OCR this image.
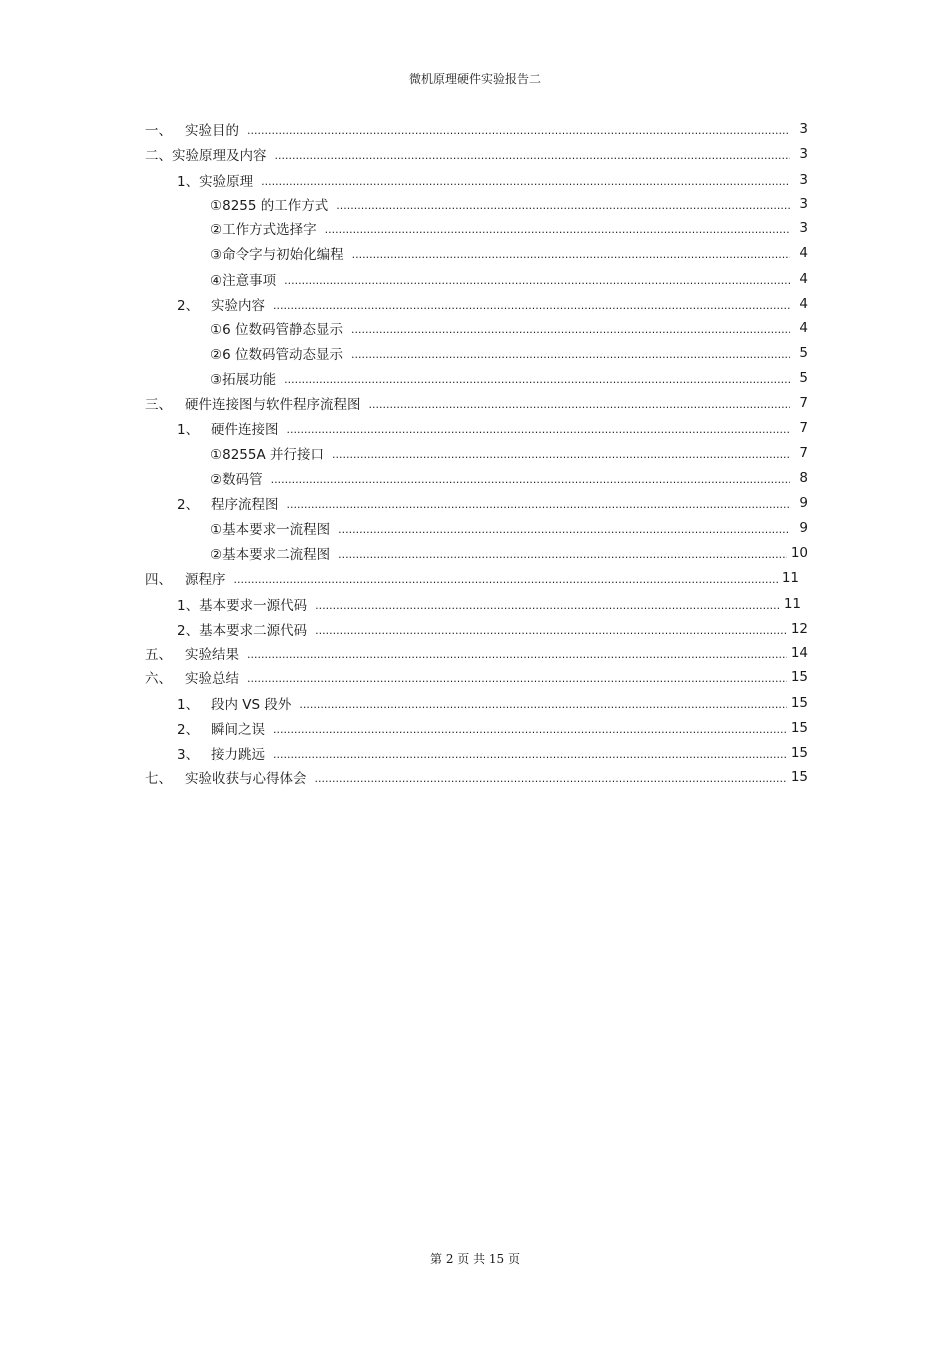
微机原理硬件实验报告二
一、 实验目的 .....	3
二、实验原理及内容 .....	3
1、实验原理 .....	3
①8255 的工作方式 .....	3
②工作方式选择字 .....	3
③命令字与初始化编程 .....	4
④注意事项 .....	4
2、 实验内容 .....	4
①6 位数码管静态显示 .....	4
②6 位数码管动态显示 .....	5
③拓展功能 .....	5
三、 硬件连接图与软件程序流程图 .....	7
1、 硬件连接图 .....	7
①8255A 并行接口 .....	7
②数码管 .....	8
2、 程序流程图 .....	9
①基本要求一流程图 .....	9
②基本要求二流程图 .....	10
四、 源程序 .....	11
1、基本要求一源代码 .....	11
2、基本要求二源代码 .....	12
五、 实验结果 .....	14
六、 实验总结 .....	15
1、 段内 VS 段外 .....	15
2、 瞬间之误 .....	15
3、 接力跳远 .....	15
七、 实验收获与心得体会 .....	15
第 2 页 共 15 页
